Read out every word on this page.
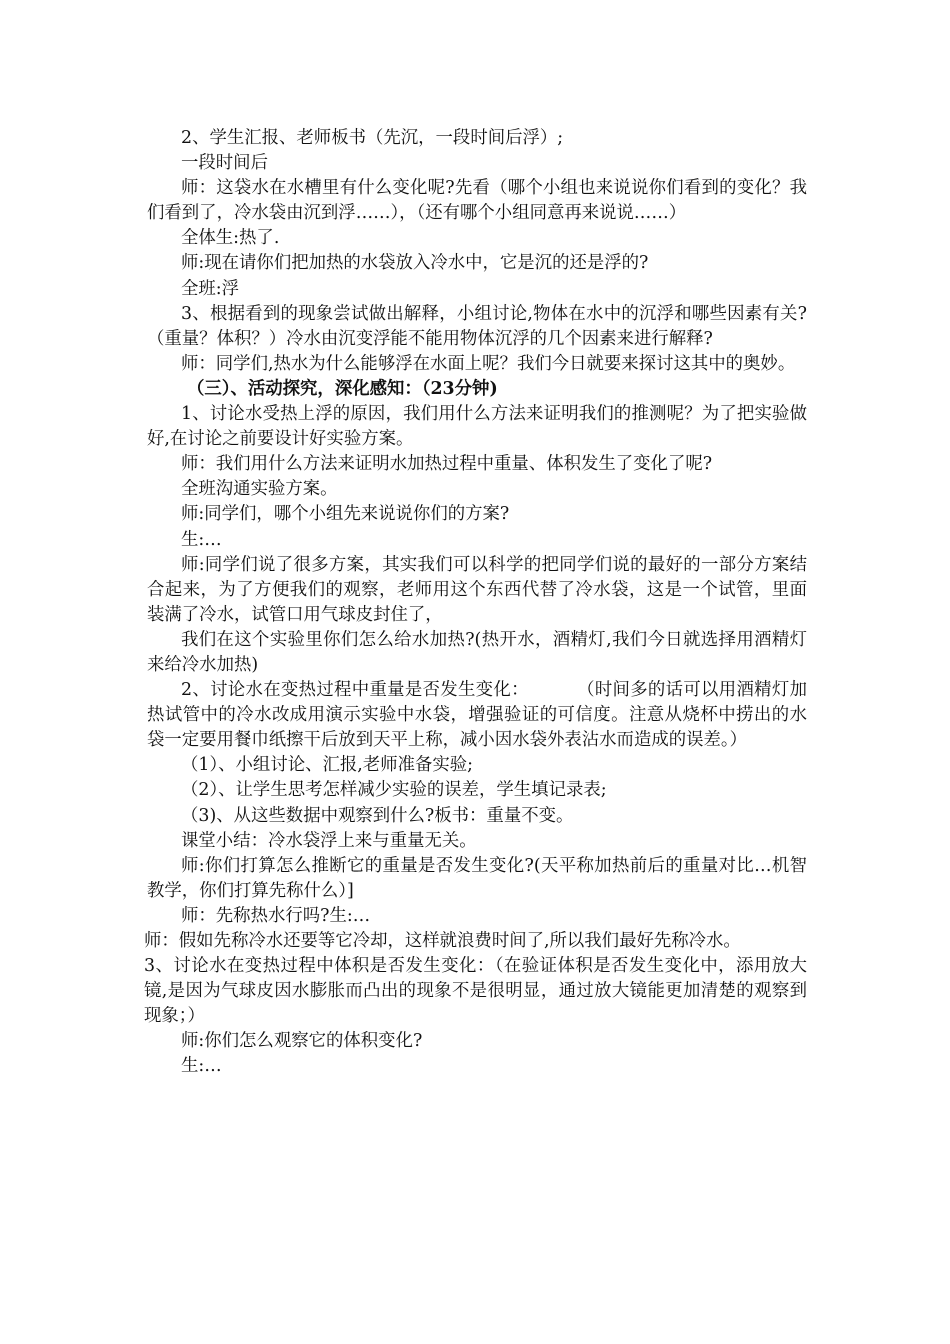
2、学生汇报、老师板书（先沉，一段时间后浮）;

一段时间后

师：这袋水在水槽里有什么变化呢?先看（哪个小组也来说说你们看到的变化？我们看到了，冷水袋由沉到浮……），（还有哪个小组同意再来说说……）

全体生:热了.

师:现在请你们把加热的水袋放入冷水中，它是沉的还是浮的?

全班:浮

3、根据看到的现象尝试做出解释，小组讨论,物体在水中的沉浮和哪些因素有关?（重量？体积？）冷水由沉变浮能不能用物体沉浮的几个因素来进行解释?

师：同学们,热水为什么能够浮在水面上呢？我们今日就要来探讨这其中的奥妙。

（三）、活动探究，深化感知：（23分钟)

1、讨论水受热上浮的原因，我们用什么方法来证明我们的推测呢？为了把实验做好,在讨论之前要设计好实验方案。

师：我们用什么方法来证明水加热过程中重量、体积发生了变化了呢?

全班沟通实验方案。

师:同学们，哪个小组先来说说你们的方案?

生:…

师:同学们说了很多方案，其实我们可以科学的把同学们说的最好的一部分方案结合起来，为了方便我们的观察，老师用这个东西代替了冷水袋，这是一个试管，里面装满了冷水，试管口用气球皮封住了，

我们在这个实验里你们怎么给水加热?(热开水，酒精灯,我们今日就选择用酒精灯来给冷水加热)

2、讨论水在变热过程中重量是否发生变化：	（时间多的话可以用酒精灯加热试管中的冷水改成用演示实验中水袋，增强验证的可信度。注意从烧杯中捞出的水袋一定要用餐巾纸擦干后放到天平上称，减小因水袋外表沾水而造成的误差。）

（1）、小组讨论、汇报,老师准备实验;

（2）、让学生思考怎样减少实验的误差，学生填记录表;

（3)、从这些数据中观察到什么?板书：重量不变。

课堂小结：冷水袋浮上来与重量无关。

师:你们打算怎么推断它的重量是否发生变化?(天平称加热前后的重量对比…机智教学，你们打算先称什么）]

师：先称热水行吗?生:…

师：假如先称冷水还要等它冷却，这样就浪费时间了,所以我们最好先称冷水。

3、讨论水在变热过程中体积是否发生变化：（在验证体积是否发生变化中，添用放大镜,是因为气球皮因水膨胀而凸出的现象不是很明显，通过放大镜能更加清楚的观察到现象；）

师:你们怎么观察它的体积变化?

生:…
